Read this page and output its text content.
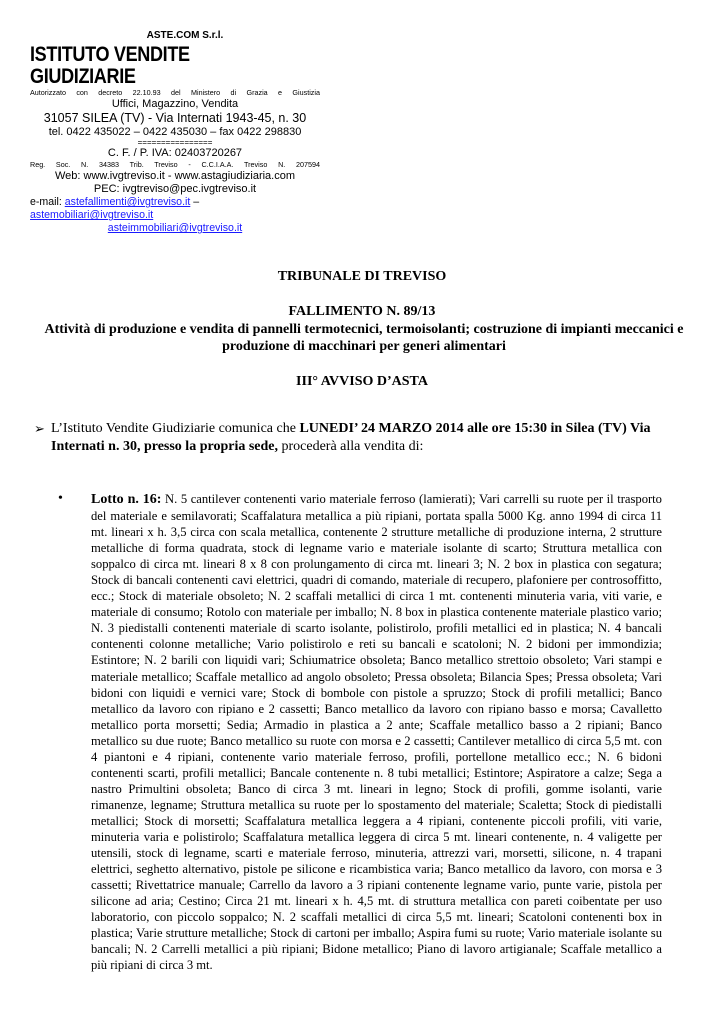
ASTE.COM S.r.l.
ISTITUTO VENDITE GIUDIZIARIE
Autorizzato con decreto 22.10.93 del Ministero di Grazia e Giustizia
Uffici, Magazzino, Vendita
31057 SILEA (TV) - Via Internati 1943-45, n. 30
tel. 0422 435022 – 0422 435030 – fax 0422 298830
================
C. F. / P. IVA: 02403720267
Reg. Soc. N. 34383 Trib. Treviso - C.C.I.A.A. Treviso N. 207594
Web: www.ivgtreviso.it - www.astagiudiziaria.com
PEC: ivgtreviso@pec.ivgtreviso.it
e-mail: astefallimenti@ivgtreviso.it – astemobiliari@ivgtreviso.it
asteimmobiliari@ivgtreviso.it
TRIBUNALE DI TREVISO
FALLIMENTO N. 89/13
Attività di produzione e vendita di pannelli termotecnici, termoisolanti; costruzione di impianti meccanici e produzione di macchinari per generi alimentari
III° AVVISO D’ASTA
➢ L’Istituto Vendite Giudiziarie comunica che LUNEDI’ 24 MARZO 2014 alle ore 15:30 in Silea (TV) Via Internati n. 30, presso la propria sede, procederà alla vendita di:
• Lotto n. 16: N. 5 cantilever contenenti vario materiale ferroso (lamierati); Vari carrelli su ruote per il trasporto del materiale e semilavorati; Scaffalatura metallica a più ripiani, portata spalla 5000 Kg. anno 1994 di circa 11 mt. lineari x h. 3,5 circa con scala metallica, contenente 2 strutture metalliche di produzione interna, 2 strutture metalliche di forma quadrata, stock di legname vario e materiale isolante di scarto; Struttura metallica con soppalco di circa mt. lineari 8 x 8 con prolungamento di circa mt. lineari 3; N. 2 box in plastica con segatura; Stock di bancali contenenti cavi elettrici, quadri di comando, materiale di recupero, plafoniere per controsoffitto, ecc.; Stock di materiale obsoleto; N. 2 scaffali metallici di circa 1 mt. contenenti minuteria varia, viti varie, e materiale di consumo; Rotolo con materiale per imballo; N. 8 box in plastica contenente materiale plastico vario; N. 3 piedistalli contenenti materiale di scarto isolante, polistirolo, profili metallici ed in plastica; N. 4 bancali contenenti colonne metalliche; Vario polistirolo e reti su bancali e scatoloni; N. 2 bidoni per immondizia; Estintore; N. 2 barili con liquidi vari; Schiumatrice obsoleta; Banco metallico strettoio obsoleto; Vari stampi e materiale metallico; Scaffale metallico ad angolo obsoleto; Pressa obsoleta; Bilancia Spes; Pressa obsoleta; Vari bidoni con liquidi e vernici vare; Stock di bombole con pistole a spruzzo; Stock di profili metallici; Banco metallico da lavoro con ripiano e 2 cassetti; Banco metallico da lavoro con ripiano basso e morsa; Cavalletto metallico porta morsetti; Sedia; Armadio in plastica a 2 ante; Scaffale metallico basso a 2 ripiani; Banco metallico su due ruote; Banco metallico su ruote con morsa e 2 cassetti; Cantilever metallico di circa 5,5 mt. con 4 piantoni e 4 ripiani, contenente vario materiale ferroso, profili, portellone metallico ecc.; N. 6 bidoni contenenti scarti, profili metallici; Bancale contenente n. 8 tubi metallici; Estintore; Aspiratore a calze; Sega a nastro Primultini obsoleta; Banco di circa 3 mt. lineari in legno; Stock di profili, gomme isolanti, varie rimanenze, legname; Struttura metallica su ruote per lo spostamento del materiale; Scaletta; Stock di piedistalli metallici; Stock di morsetti; Scaffalatura metallica leggera a 4 ripiani, contenente piccoli profili, viti varie, minuteria varia e polistirolo; Scaffalatura metallica leggera di circa 5 mt. lineari contenente, n. 4 valigette per utensili, stock di legname, scarti e materiale ferroso, minuteria, attrezzi vari, morsetti, silicone, n. 4 trapani elettrici, seghetto alternativo, pistole pe silicone e ricambistica varia; Banco metallico da lavoro, con morsa e 3 cassetti; Rivettatrice manuale; Carrello da lavoro a 3 ripiani contenente legname vario, punte varie, pistola per silicone ad aria; Cestino; Circa 21 mt. lineari x h. 4,5 mt. di struttura metallica con pareti coibentate per uso laboratorio, con piccolo soppalco; N. 2 scaffali metallici di circa 5,5 mt. lineari; Scatoloni contenenti box in plastica; Varie strutture metalliche; Stock di cartoni per imballo; Aspira fumi su ruote; Vario materiale isolante su bancali; N. 2 Carrelli metallici a più ripiani; Bidone metallico; Piano di lavoro artigianale; Scaffale metallico a più ripiani di circa 3 mt.
